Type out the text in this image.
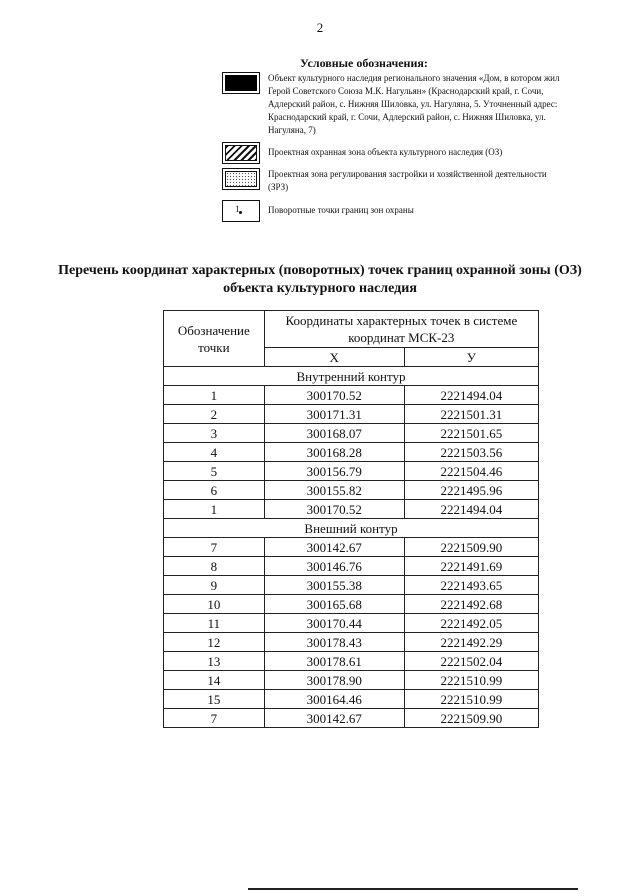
2
Условные обозначения:
Объект культурного наследия регионального значения «Дом, в котором жил Герой Советского Союза М.К. Нагульян» (Краснодарский край, г. Сочи, Адлерский район, с. Нижняя Шиловка, ул. Нагуляна, 5. Уточненный адрес: Краснодарский край, г. Сочи, Адлерский район, с. Нижняя Шиловка, ул. Нагуляна, 7)
Проектная охранная зона объекта культурного наследия (ОЗ)
Проектная зона регулирования застройки и хозяйственной деятельности (ЗРЗ)
1	Поворотные точки границ зон охраны
Перечень координат характерных (поворотных) точек границ охранной зоны (ОЗ) объекта культурного наследия
Обозначение точки	Координаты характерных точек в системе координат МСК-23	
	X	У
Внутренний контур		
1	300170.52	2221494.04
2	300171.31	2221501.31
3	300168.07	2221501.65
4	300168.28	2221503.56
5	300156.79	2221504.46
6	300155.82	2221495.96
1	300170.52	2221494.04
Внешний контур		
7	300142.67	2221509.90
8	300146.76	2221491.69
9	300155.38	2221493.65
10	300165.68	2221492.68
11	300170.44	2221492.05
12	300178.43	2221492.29
13	300178.61	2221502.04
14	300178.90	2221510.99
15	300164.46	2221510.99
7	300142.67	2221509.90
